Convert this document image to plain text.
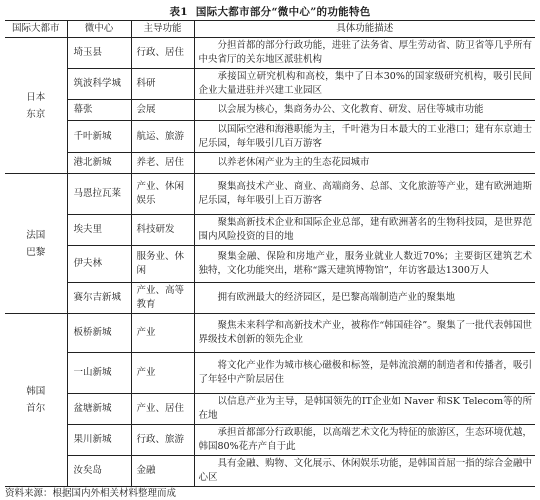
表1 国际大都市部分“微中心”的功能特色
国际大都市	微中心	主导功能	具体功能描述

日本
东京	埼玉县	行政、居住	分担首都的部分行政功能，进驻了法务省、厚生劳动省、防卫省等几乎所有中央省厅的关东地区派驻机构
	筑波科学城	科研	承接国立研究机构和高校，集中了日本30%的国家级研究机构，吸引民间企业大量进驻并兴建工业园区
	幕张	会展	以会展为核心，集商务办公、文化教育、研发、居住等城市功能
	千叶新城	航运、旅游	以国际空港和海港职能为主，千叶港为日本最大的工业港口；建有东京迪士尼乐园，每年吸引几百万游客
	港北新城	养老、居住	以养老休闲产业为主的生态花园城市

法国
巴黎	马恩拉瓦莱	产业、休闲娱乐	聚集高技术产业、商业、高端商务、总部、文化旅游等产业，建有欧洲迪斯尼乐园，每年吸引上百万游客
	埃夫里	科技研发	聚集高新技术企业和国际企业总部，建有欧洲著名的生物科技园，是世界范围内风险投资的目的地
	伊夫林	服务业、休闲	聚集金融、保险和房地产业，服务业就业人数近70%；主要街区建筑艺术独特，文化功能突出，堪称“露天建筑博物馆”，年访客最达1300万人
	赛尔吉新城	产业、高等教育	拥有欧洲最大的经济园区，是巴黎高端制造产业的聚集地

韩国
首尔	板桥新城	产业	聚焦未来科学和高新技术产业，被称作“韩国硅谷”。聚集了一批代表韩国世界级技术创新的领先企业
	一山新城	产业	将文化产业作为城市核心磁极和标签，是韩流浪潮的制造者和传播者，吸引了年轻中产阶层居住
	盆塘新城	产业、居住	以信息产业为主导，是韩国领先的IT企业如 Naver 和SK Telecom等的所在地
	果川新城	行政、旅游	承担首都部分行政职能，以高端艺术文化为特征的旅游区，生态环境优越，韩国80%花卉产自于此
	汝矣岛	金融	具有金融、购物、文化展示、休闲娱乐功能，是韩国首屈一指的综合金融中心区
资料来源：根据国内外相关材料整理而成
